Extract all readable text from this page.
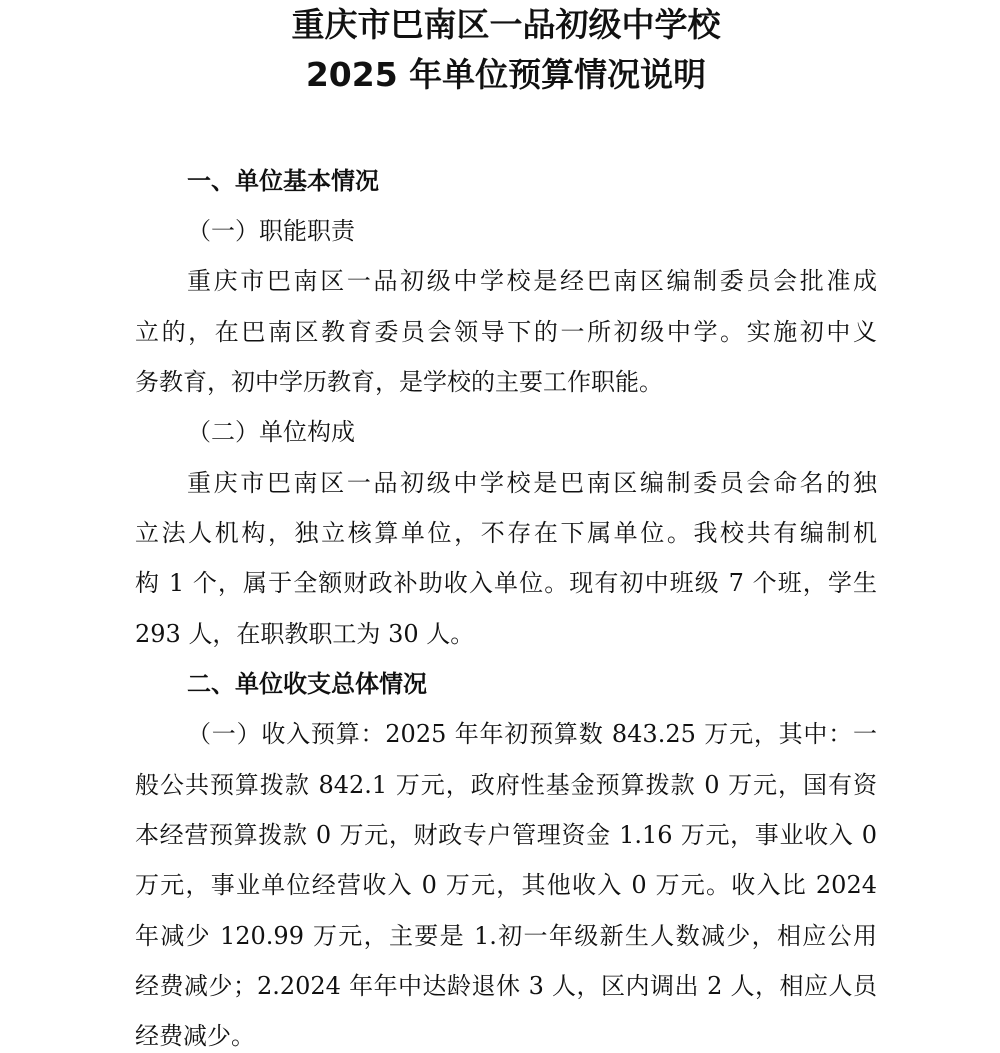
重庆市巴南区一品初级中学校
2025 年单位预算情况说明
一、单位基本情况
（一）职能职责
重庆市巴南区一品初级中学校是经巴南区编制委员会批准成
立的，在巴南区教育委员会领导下的一所初级中学。实施初中义
务教育，初中学历教育，是学校的主要工作职能。
（二）单位构成
重庆市巴南区一品初级中学校是巴南区编制委员会命名的独
立法人机构，独立核算单位，不存在下属单位。我校共有编制机
构 1 个，属于全额财政补助收入单位。现有初中班级 7 个班，学生
293 人，在职教职工为 30 人。
二、单位收支总体情况
（一）收入预算：2025 年年初预算数 843.25 万元，其中：一
般公共预算拨款 842.1 万元，政府性基金预算拨款 0 万元，国有资
本经营预算拨款 0 万元，财政专户管理资金 1.16 万元，事业收入 0
万元，事业单位经营收入 0 万元，其他收入 0 万元。收入比 2024
年减少 120.99 万元，主要是 1.初一年级新生人数减少，相应公用
经费减少；2.2024 年年中达龄退休 3 人，区内调出 2 人，相应人员
经费减少。
